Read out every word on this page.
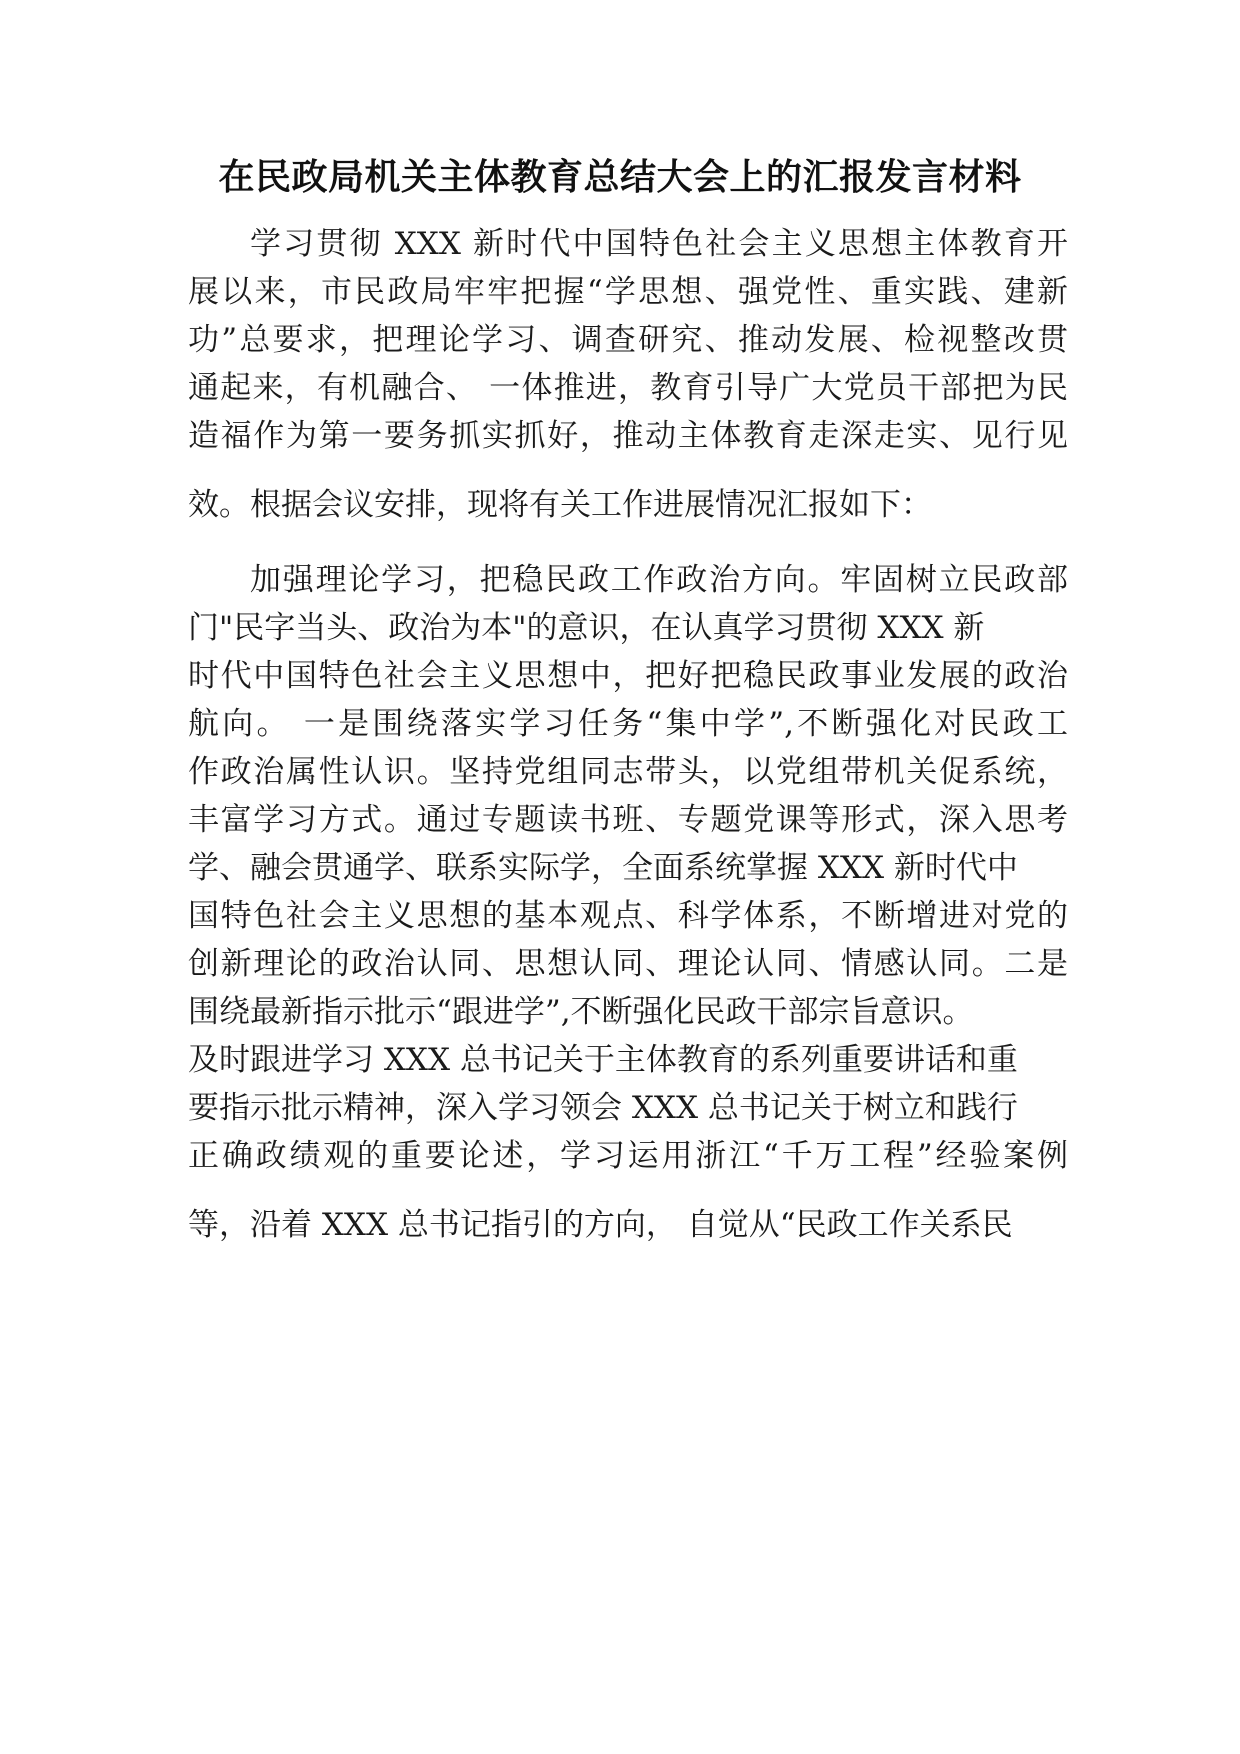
在民政局机关主体教育总结大会上的汇报发言材料
学习贯彻 XXX 新时代中国特色社会主义思想主体教育开
展以来，市民政局牢牢把握“学思想、强党性、重实践、建新
功”总要求，把理论学习、调查研究、推动发展、检视整改贯
通起来，有机融合、 一体推进，教育引导广大党员干部把为民
造福作为第一要务抓实抓好，推动主体教育走深走实、见行见
效。根据会议安排，现将有关工作进展情况汇报如下：
加强理论学习，把稳民政工作政治方向。牢固树立民政部
门"民字当头、政治为本"的意识，在认真学习贯彻 XXX 新
时代中国特色社会主义思想中，把好把稳民政事业发展的政治
航向。 一是围绕落实学习任务“集中学”,不断强化对民政工
作政治属性认识。坚持党组同志带头，以党组带机关促系统，
丰富学习方式。通过专题读书班、专题党课等形式，深入思考
学、融会贯通学、联系实际学，全面系统掌握 XXX 新时代中
国特色社会主义思想的基本观点、科学体系，不断增进对党的
创新理论的政治认同、思想认同、理论认同、情感认同。二是
围绕最新指示批示“跟进学”,不断强化民政干部宗旨意识。
及时跟进学习 XXX 总书记关于主体教育的系列重要讲话和重
要指示批示精神，深入学习领会 XXX 总书记关于树立和践行
正确政绩观的重要论述，学习运用浙江“千万工程”经验案例
等，沿着 XXX 总书记指引的方向， 自觉从“民政工作关系民
